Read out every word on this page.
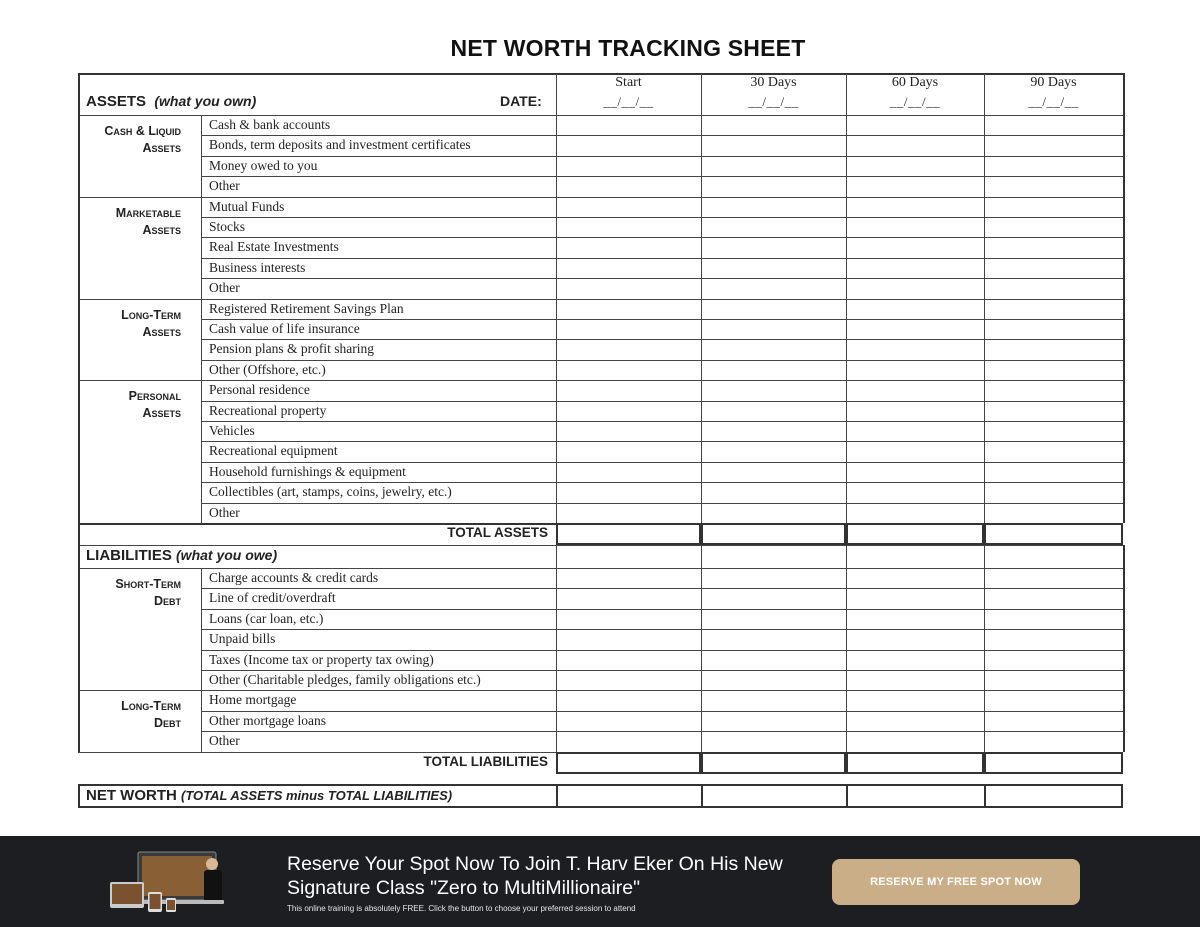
NET WORTH TRACKING SHEET
ASSETS (what you own)	DATE:
Start
__/__/__
30 Days
__/__/__
60 Days
__/__/__
90 Days
__/__/__
Cash & Liquid
Assets
Cash & bank accounts
Bonds, term deposits and investment certificates
Money owed to you
Other
Marketable
Assets
Mutual Funds
Stocks
Real Estate Investments
Business interests
Other
Long-Term
Assets
Registered Retirement Savings Plan
Cash value of life insurance
Pension plans & profit sharing
Other (Offshore, etc.)
Personal
Assets
Personal residence
Recreational property
Vehicles
Recreational equipment
Household furnishings & equipment
Collectibles (art, stamps, coins, jewelry, etc.)
Other
TOTAL ASSETS
LIABILITIES (what you owe)
Short-Term
Debt
Charge accounts & credit cards
Line of credit/overdraft
Loans (car loan, etc.)
Unpaid bills
Taxes (Income tax or property tax owing)
Other (Charitable pledges, family obligations etc.)
Long-Term
Debt
Home mortgage
Other mortgage loans
Other
TOTAL LIABILITIES
NET WORTH (TOTAL ASSETS minus TOTAL LIABILITIES)
Reserve Your Spot Now To Join T. Harv Eker On His New
Signature Class "Zero to MultiMillionaire"
This online training is absolutely FREE. Click the button to choose your preferred session to attend
RESERVE MY FREE SPOT NOW
